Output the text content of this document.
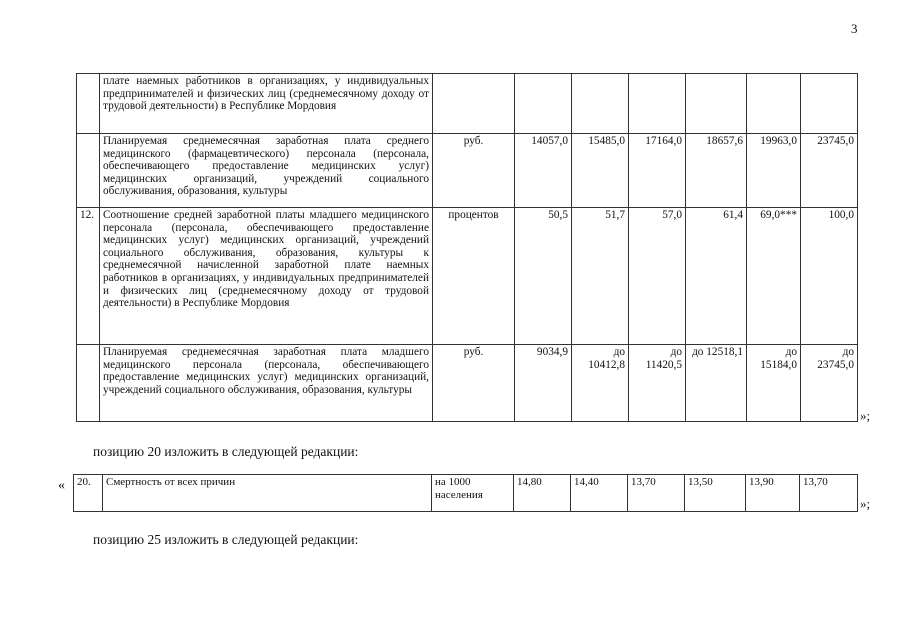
3
	плате наемных работников в организациях, у индивидуальных предпринимателей и физических лиц (среднемесячному доходу от трудовой деятельности) в Республике Мордовия							
	Планируемая среднемесячная заработная плата среднего медицинского (фармацевтического) персонала (персонала, обеспечивающего предоставление медицинских услуг) медицинских организаций, учреждений социального обслуживания, образования, культуры	руб.	14057,0	15485,0	17164,0	18657,6	19963,0	23745,0
12.	Соотношение средней заработной платы младшего медицинского персонала (персонала, обеспечивающего предоставление медицинских услуг) медицинских организаций, учреждений социального обслуживания, образования, культуры к среднемесячной начисленной заработной плате наемных работников в организациях, у индивидуальных предпринимателей и физических лиц (среднемесячному доходу от трудовой деятельности) в Республике Мордовия	процентов	50,5	51,7	57,0	61,4	69,0***	100,0
	Планируемая среднемесячная заработная плата младшего медицинского персонала (персонала, обеспечивающего предоставление медицинских услуг) медицинских организаций, учреждений социального обслуживания, образования, культуры	руб.	9034,9	до 10412,8	до 11420,5	до 12518,1	до 15184,0	до 23745,0
»;
позицию 20 изложить в следующей редакции:
« 20.	Смертность от всех причин	на 1000 населения	14,80	14,40	13,70	13,50	13,90	13,70
»;
позицию 25 изложить в следующей редакции:
